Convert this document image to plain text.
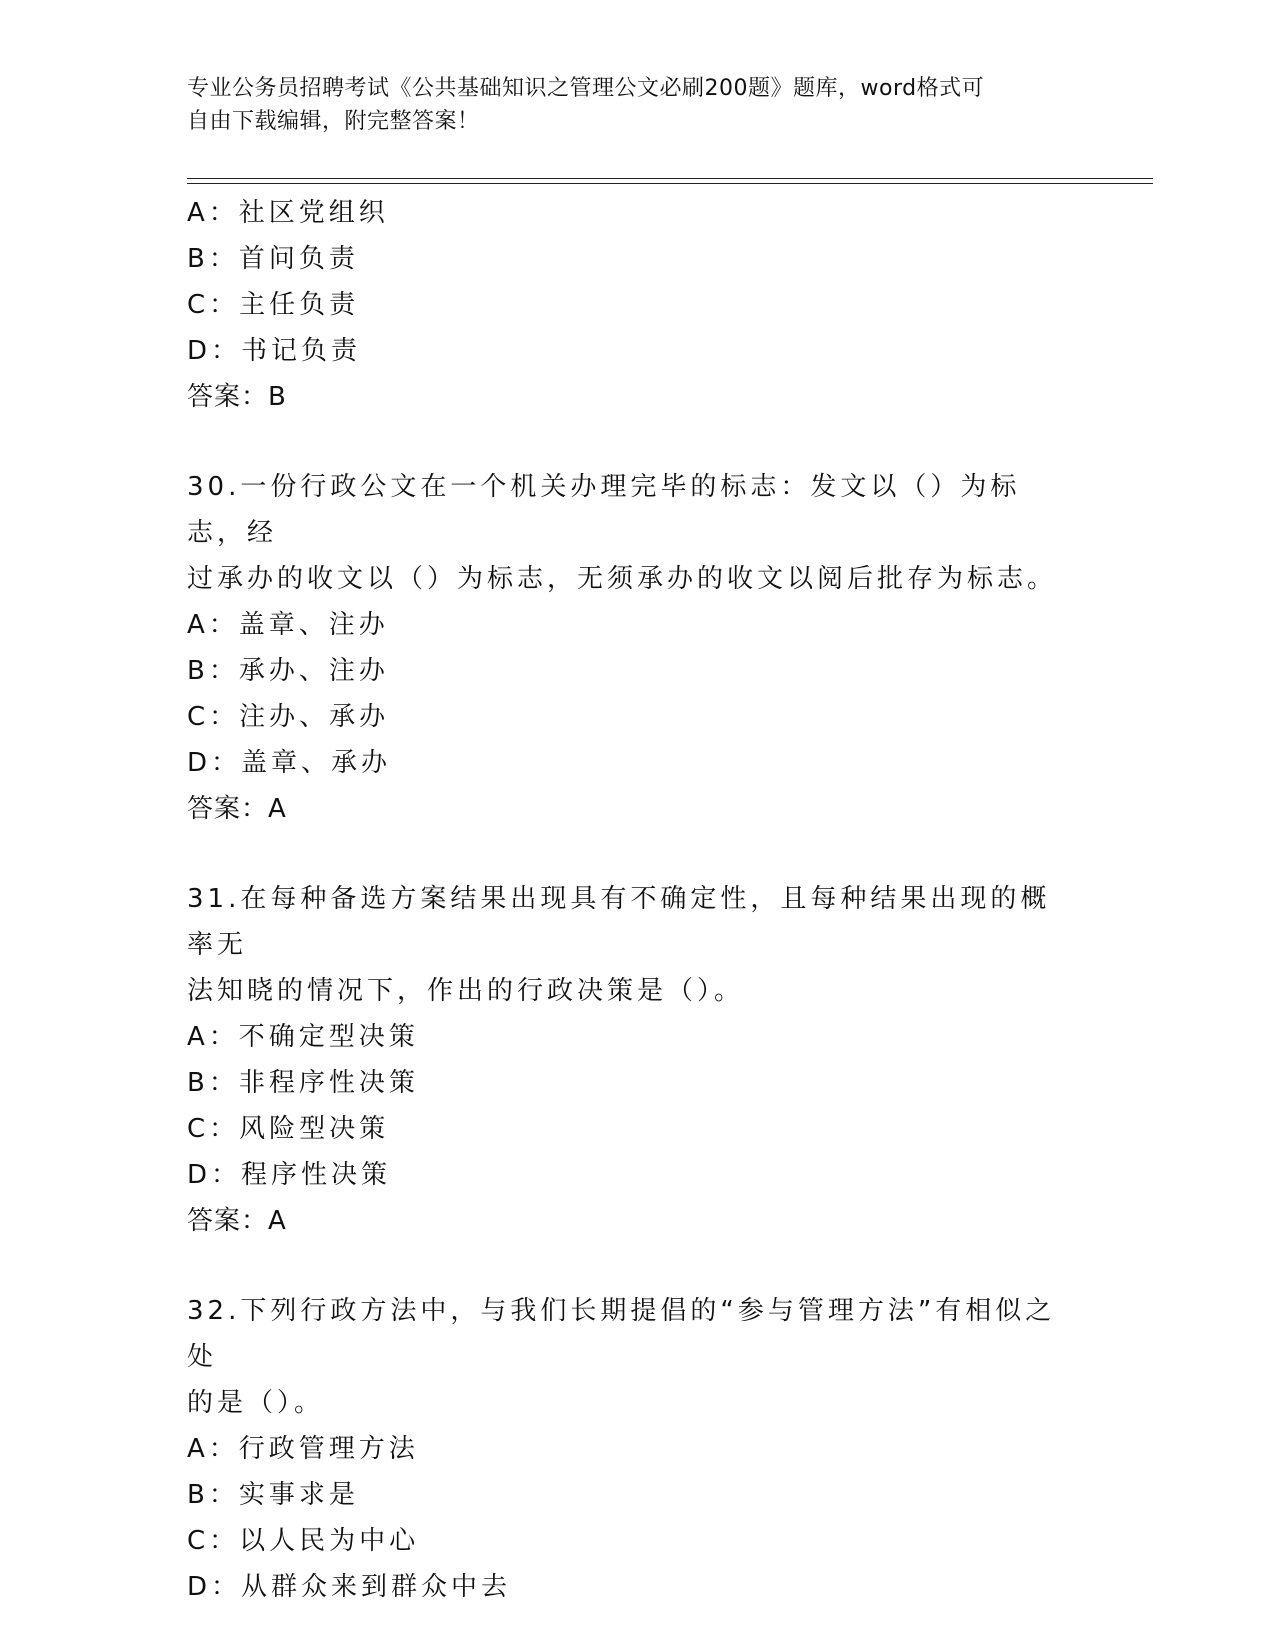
专业公务员招聘考试《公共基础知识之管理公文必刷200题》题库，word格式可
自由下载编辑，附完整答案！
A：社区党组织
B：首问负责
C：主任负责
D：书记负责
答案：B
30.一份行政公文在一个机关办理完毕的标志：发文以（）为标志，经
过承办的收文以（）为标志，无须承办的收文以阅后批存为标志。
A：盖章、注办
B：承办、注办
C：注办、承办
D：盖章、承办
答案：A
31.在每种备选方案结果出现具有不确定性，且每种结果出现的概率无
法知晓的情况下，作出的行政决策是（）。
A：不确定型决策
B：非程序性决策
C：风险型决策
D：程序性决策
答案：A
32.下列行政方法中，与我们长期提倡的“参与管理方法”有相似之处
的是（）。
A：行政管理方法
B：实事求是
C：以人民为中心
D：从群众来到群众中去
